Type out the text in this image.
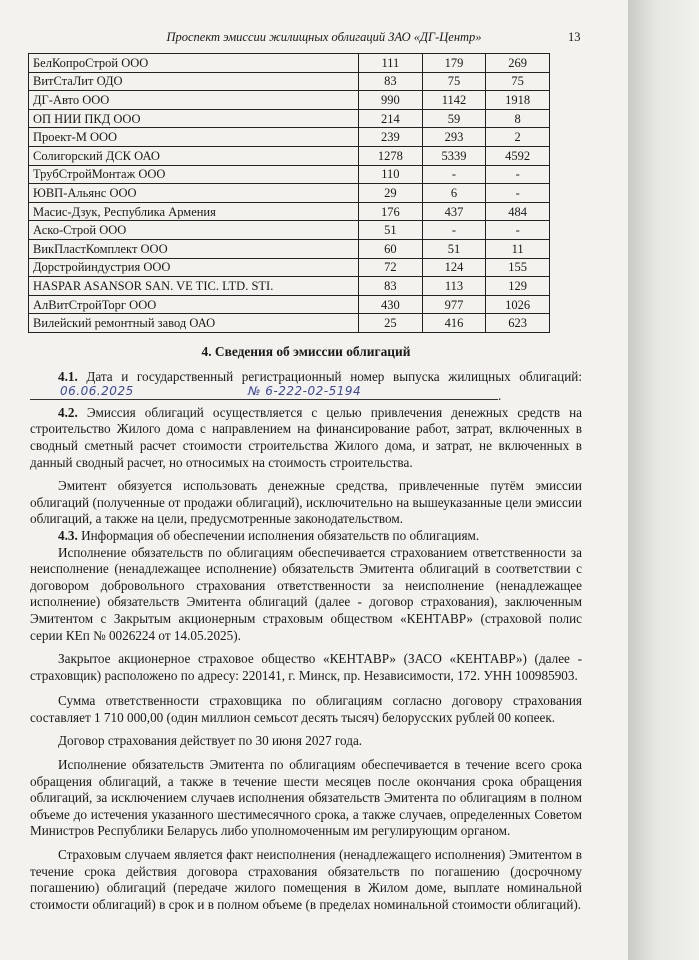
Проспект эмиссии жилищных облигаций ЗАО «ДГ-Центр»	13
БелКопроСтрой ООО	111	179	269
ВитСтаЛит ОДО	83	75	75
ДГ-Авто ООО	990	1142	1918
ОП НИИ ПКД ООО	214	59	8
Проект-М ООО	239	293	2
Солигорский ДСК ОАО	1278	5339	4592
ТрубСтройМонтаж ООО	110	-	-
ЮВП-Альянс ООО	29	6	-
Масис-Дзук, Республика Армения	176	437	484
Аско-Строй ООО	51	-	-
ВикПластКомплект ООО	60	51	11
Дорстройиндустрия ООО	72	124	155
HASPAR ASANSOR SAN. VE TIC. LTD. STI.	83	113	129
АлВитСтройТорг ООО	430	977	1026
Вилейский ремонтный завод ОАО	25	416	623
4. Сведения об эмиссии облигаций

4.1. Дата и государственный регистрационный номер выпуска жилищных облигаций:
06.06.2025	№ 6-222-02-5194	.

4.2. Эмиссия облигаций осуществляется с целью привлечения денежных средств на строительство Жилого дома с направлением на финансирование работ, затрат, включенных в сводный сметный расчет стоимости строительства Жилого дома, и затрат, не включенных в данный сводный расчет, но относимых на стоимость строительства.

Эмитент обязуется использовать денежные средства, привлеченные путём эмиссии облигаций (полученные от продажи облигаций), исключительно на вышеуказанные цели эмиссии облигаций, а также на цели, предусмотренные законодательством.

4.3. Информация об обеспечении исполнения обязательств по облигациям.

Исполнение обязательств по облигациям обеспечивается страхованием ответственности за неисполнение (ненадлежащее исполнение) обязательств Эмитента облигаций в соответствии с договором добровольного страхования ответственности за неисполнение (ненадлежащее исполнение) обязательств Эмитента облигаций (далее - договор страхования), заключенным Эмитентом с Закрытым акционерным страховым обществом «КЕНТАВР» (страховой полис серии КЕп № 0026224 от 14.05.2025).

Закрытое акционерное страховое общество «КЕНТАВР» (ЗАСО «КЕНТАВР») (далее - страховщик) расположено по адресу: 220141, г. Минск, пр. Независимости, 172. УНН 100985903.

Сумма ответственности страховщика по облигациям согласно договору страхования составляет 1 710 000,00 (один миллион семьсот десять тысяч) белорусских рублей 00 копеек.

Договор страхования действует по 30 июня 2027 года.

Исполнение обязательств Эмитента по облигациям обеспечивается в течение всего срока обращения облигаций, а также в течение шести месяцев после окончания срока обращения облигаций, за исключением случаев исполнения обязательств Эмитента по облигациям в полном объеме до истечения указанного шестимесячного срока, а также случаев, определенных Советом Министров Республики Беларусь либо уполномоченным им регулирующим органом.

Страховым случаем является факт неисполнения (ненадлежащего исполнения) Эмитентом в течение срока действия договора страхования обязательств по погашению (досрочному погашению) облигаций (передаче жилого помещения в Жилом доме, выплате номинальной стоимости облигаций) в срок и в полном объеме (в пределах номинальной стоимости облигаций).
